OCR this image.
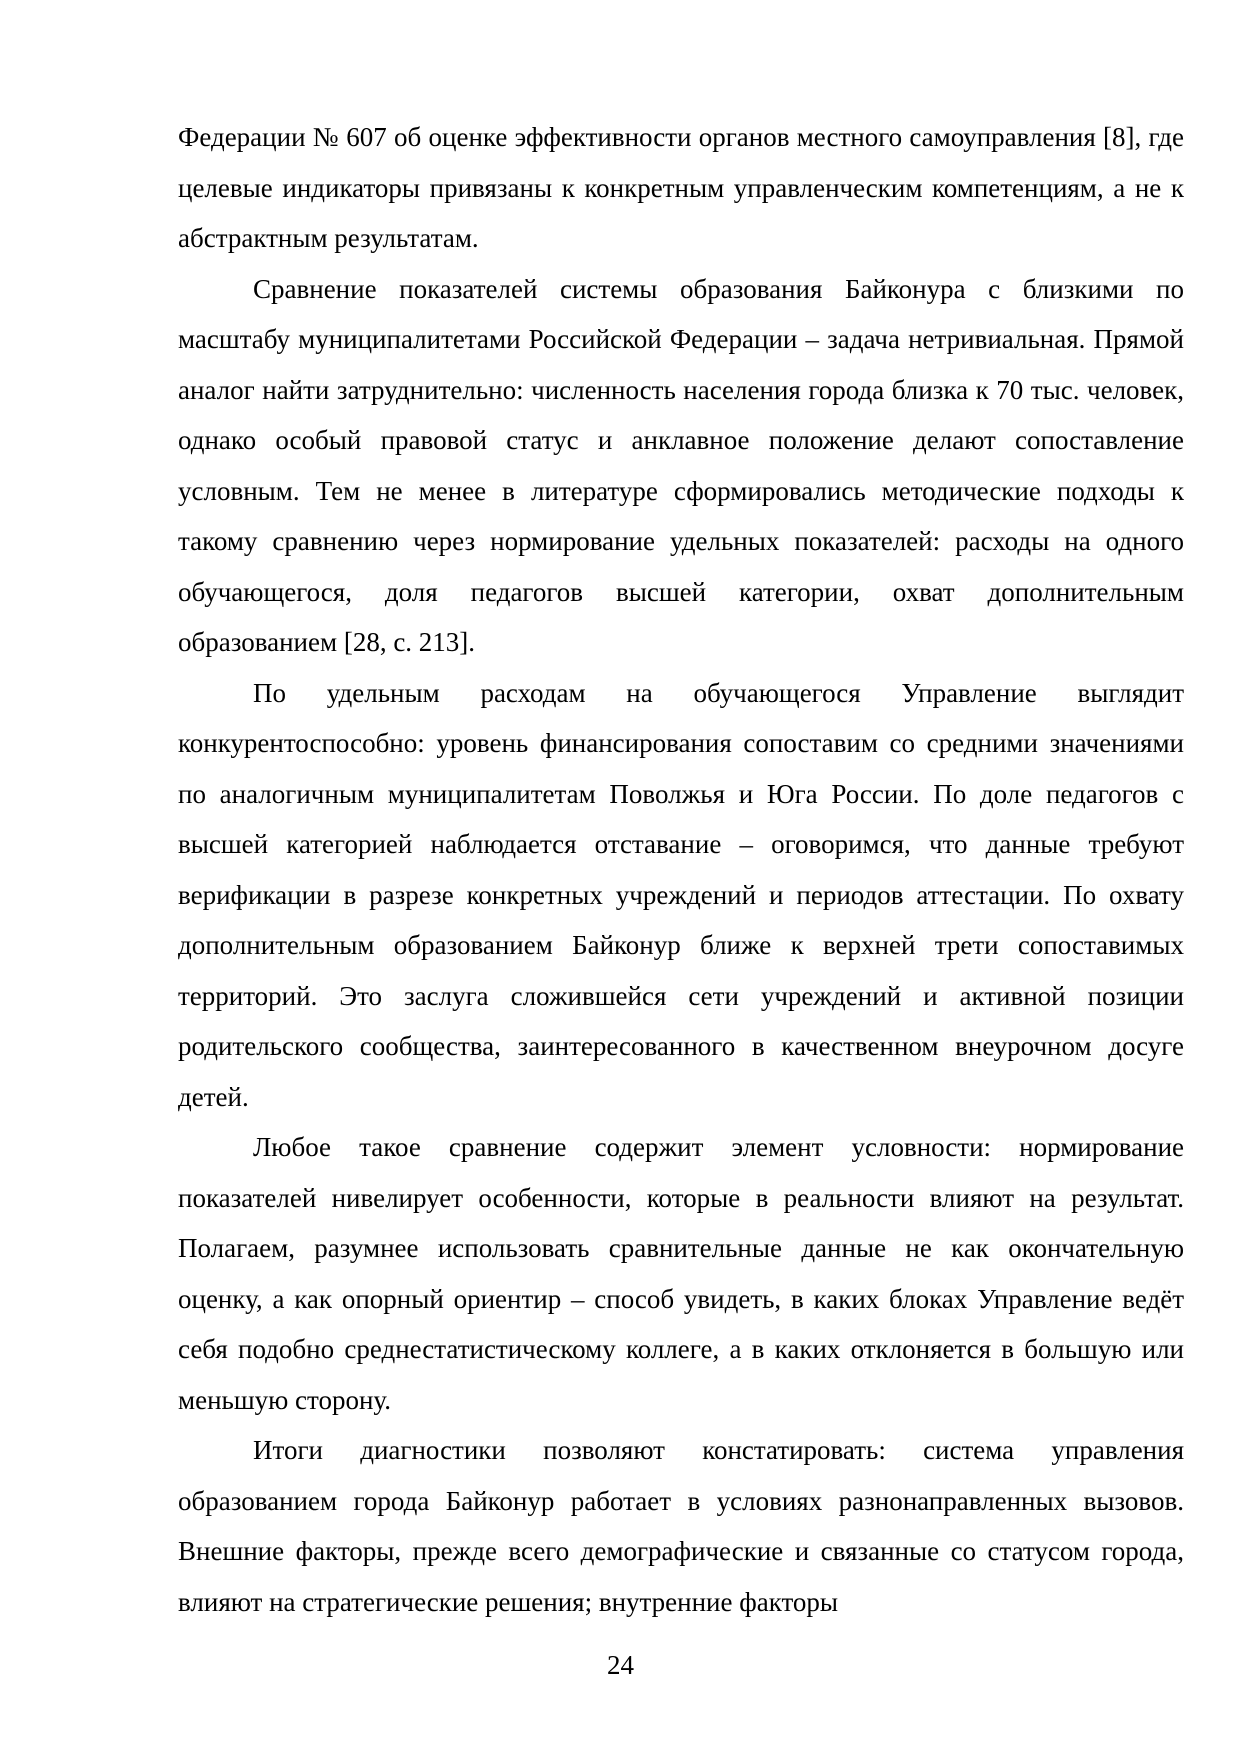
Федерации № 607 об оценке эффективности органов местного самоуправления [8], где целевые индикаторы привязаны к конкретным управленческим компетенциям, а не к абстрактным результатам.

Сравнение показателей системы образования Байконура с близкими по масштабу муниципалитетами Российской Федерации – задача нетривиальная. Прямой аналог найти затруднительно: численность населения города близка к 70 тыс. человек, однако особый правовой статус и анклавное положение делают сопоставление условным. Тем не менее в литературе сформировались методические подходы к такому сравнению через нормирование удельных показателей: расходы на одного обучающегося, доля педагогов высшей категории, охват дополнительным образованием [28, с. 213].

По удельным расходам на обучающегося Управление выглядит конкурентоспособно: уровень финансирования сопоставим со средними значениями по аналогичным муниципалитетам Поволжья и Юга России. По доле педагогов с высшей категорией наблюдается отставание – оговоримся, что данные требуют верификации в разрезе конкретных учреждений и периодов аттестации. По охвату дополнительным образованием Байконур ближе к верхней трети сопоставимых территорий. Это заслуга сложившейся сети учреждений и активной позиции родительского сообщества, заинтересованного в качественном внеурочном досуге детей.

Любое такое сравнение содержит элемент условности: нормирование показателей нивелирует особенности, которые в реальности влияют на результат. Полагаем, разумнее использовать сравнительные данные не как окончательную оценку, а как опорный ориентир – способ увидеть, в каких блоках Управление ведёт себя подобно среднестатистическому коллеге, а в каких отклоняется в большую или меньшую сторону.

Итоги диагностики позволяют констатировать: система управления образованием города Байконур работает в условиях разнонаправленных вызовов. Внешние факторы, прежде всего демографические и связанные со статусом города, влияют на стратегические решения; внутренние факторы

24
